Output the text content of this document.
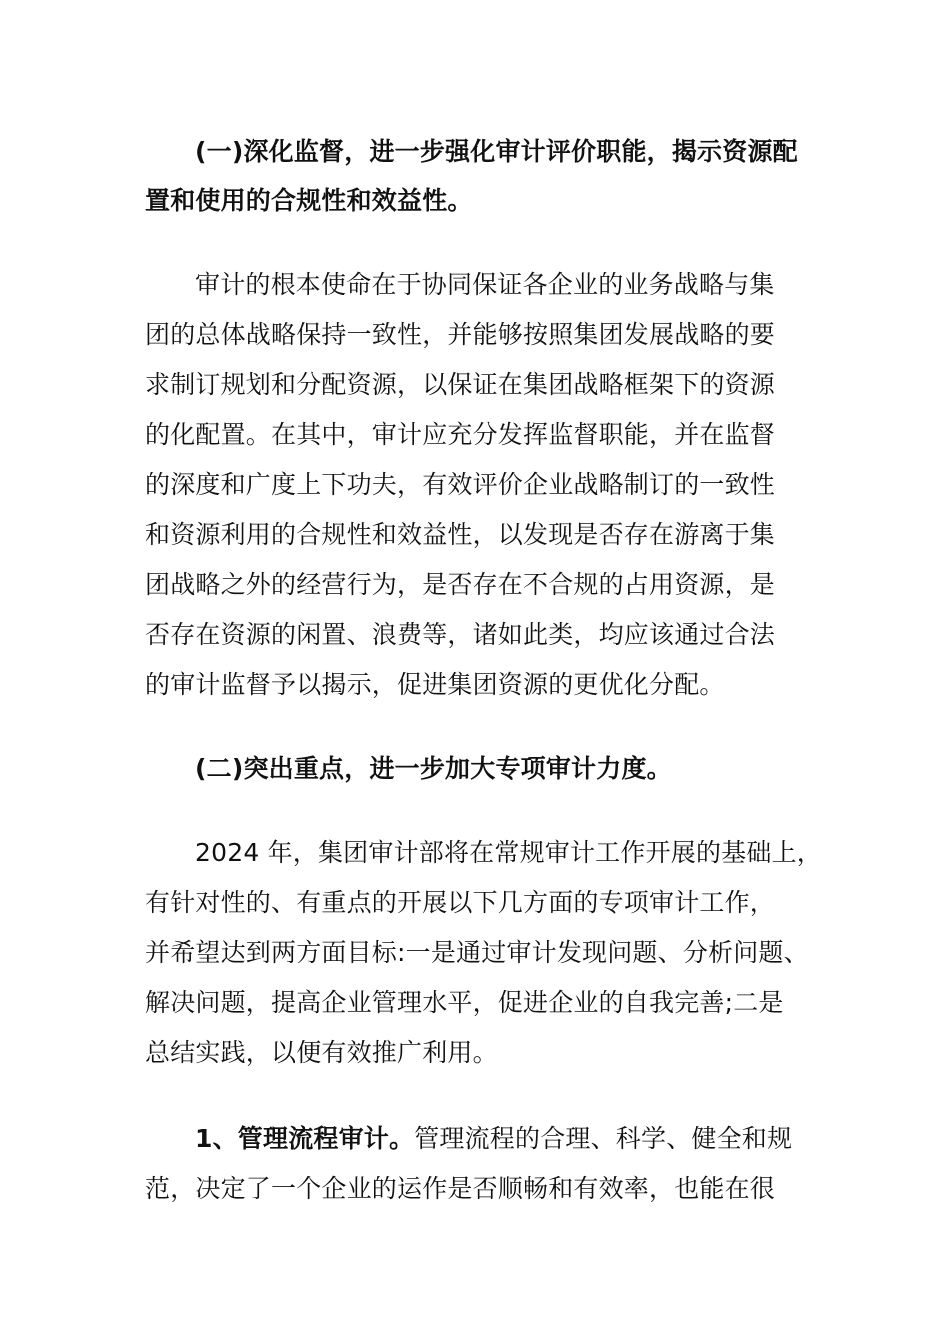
(一)深化监督，进一步强化审计评价职能，揭示资源配
置和使用的合规性和效益性。
审计的根本使命在于协同保证各企业的业务战略与集
团的总体战略保持一致性，并能够按照集团发展战略的要
求制订规划和分配资源，以保证在集团战略框架下的资源
的化配置。在其中，审计应充分发挥监督职能，并在监督
的深度和广度上下功夫，有效评价企业战略制订的一致性
和资源利用的合规性和效益性，以发现是否存在游离于集
团战略之外的经营行为，是否存在不合规的占用资源，是
否存在资源的闲置、浪费等，诸如此类，均应该通过合法
的审计监督予以揭示，促进集团资源的更优化分配。
(二)突出重点，进一步加大专项审计力度。
2024 年，集团审计部将在常规审计工作开展的基础上，
有针对性的、有重点的开展以下几方面的专项审计工作，
并希望达到两方面目标:一是通过审计发现问题、分析问题、
解决问题，提高企业管理水平，促进企业的自我完善;二是
总结实践，以便有效推广利用。
1、管理流程审计。管理流程的合理、科学、健全和规
范，决定了一个企业的运作是否顺畅和有效率，也能在很
